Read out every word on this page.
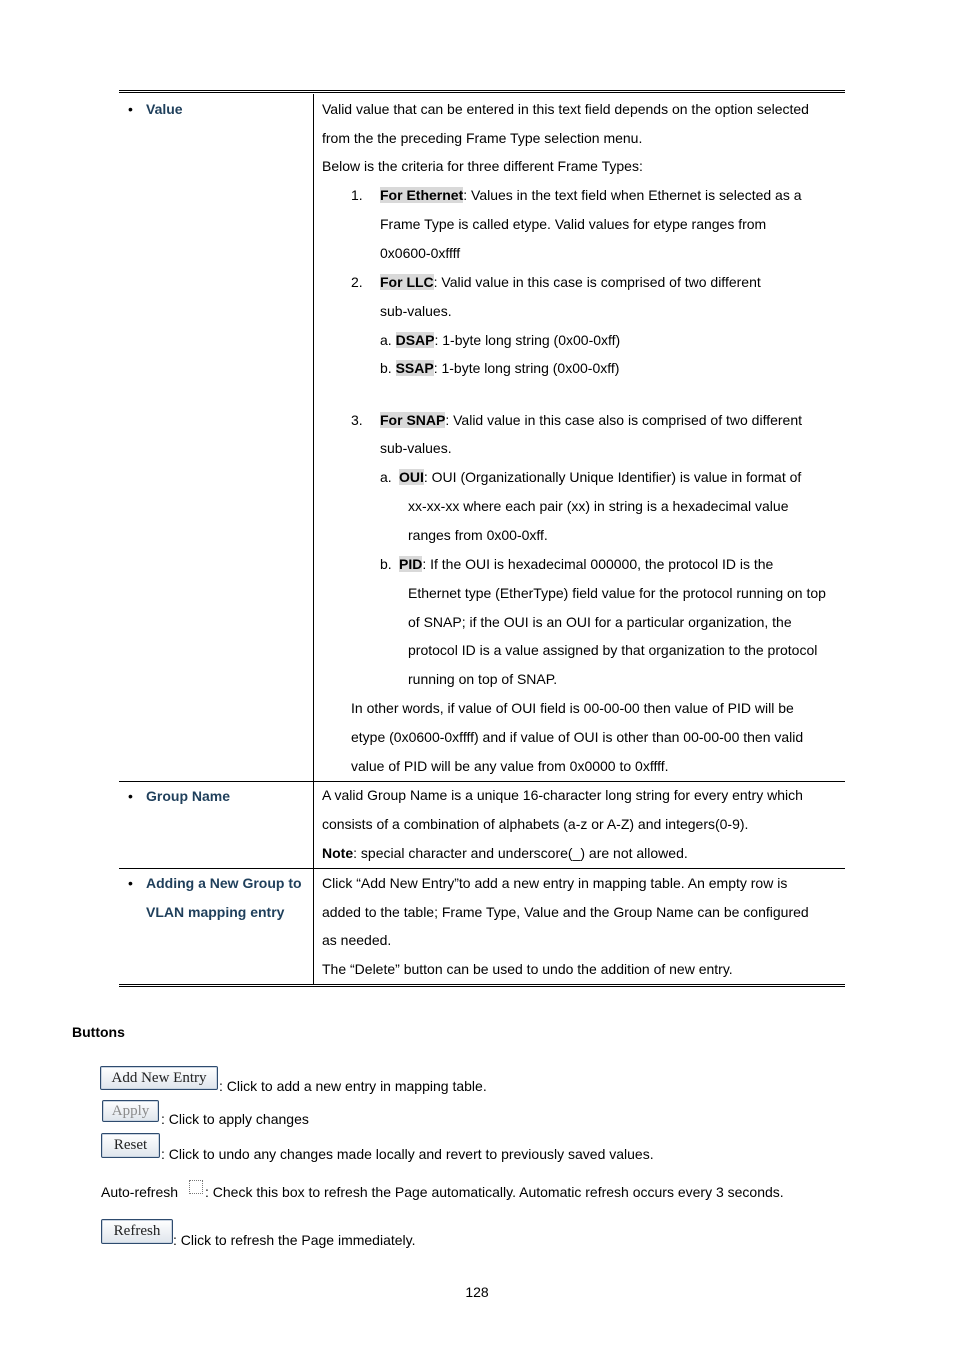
• Value	Valid value that can be entered in this text field depends on the option selected
from the the preceding Frame Type selection menu.
Below is the criteria for three different Frame Types:
1. For Ethernet: Values in the text field when Ethernet is selected as a
Frame Type is called etype. Valid values for etype ranges from
0x0600-0xffff
2. For LLC: Valid value in this case is comprised of two different
sub-values.
a. DSAP: 1-byte long string (0x00-0xff)
b. SSAP: 1-byte long string (0x00-0xff)
3. For SNAP: Valid value in this case also is comprised of two different
sub-values.
a. OUI: OUI (Organizationally Unique Identifier) is value in format of
xx-xx-xx where each pair (xx) in string is a hexadecimal value
ranges from 0x00-0xff.
b. PID: If the OUI is hexadecimal 000000, the protocol ID is the
Ethernet type (EtherType) field value for the protocol running on top
of SNAP; if the OUI is an OUI for a particular organization, the
protocol ID is a value assigned by that organization to the protocol
running on top of SNAP.
In other words, if value of OUI field is 00-00-00 then value of PID will be
etype (0x0600-0xffff) and if value of OUI is other than 00-00-00 then valid
value of PID will be any value from 0x0000 to 0xffff.
• Group Name	A valid Group Name is a unique 16-character long string for every entry which
consists of a combination of alphabets (a-z or A-Z) and integers(0-9).
Note: special character and underscore(_) are not allowed.
• Adding a New Group to
VLAN mapping entry
Click “Add New Entry”to add a new entry in mapping table. An empty row is
added to the table; Frame Type, Value and the Group Name can be configured
as needed.
The “Delete” button can be used to undo the addition of new entry.
Buttons
Add New Entry : Click to add a new entry in mapping table.
Apply : Click to apply changes
Reset
: Click to undo any changes made locally and revert to previously saved values.
Auto-refresh : Check this box to refresh the Page automatically. Automatic refresh occurs every 3 seconds.
Refresh
: Click to refresh the Page immediately.
128
